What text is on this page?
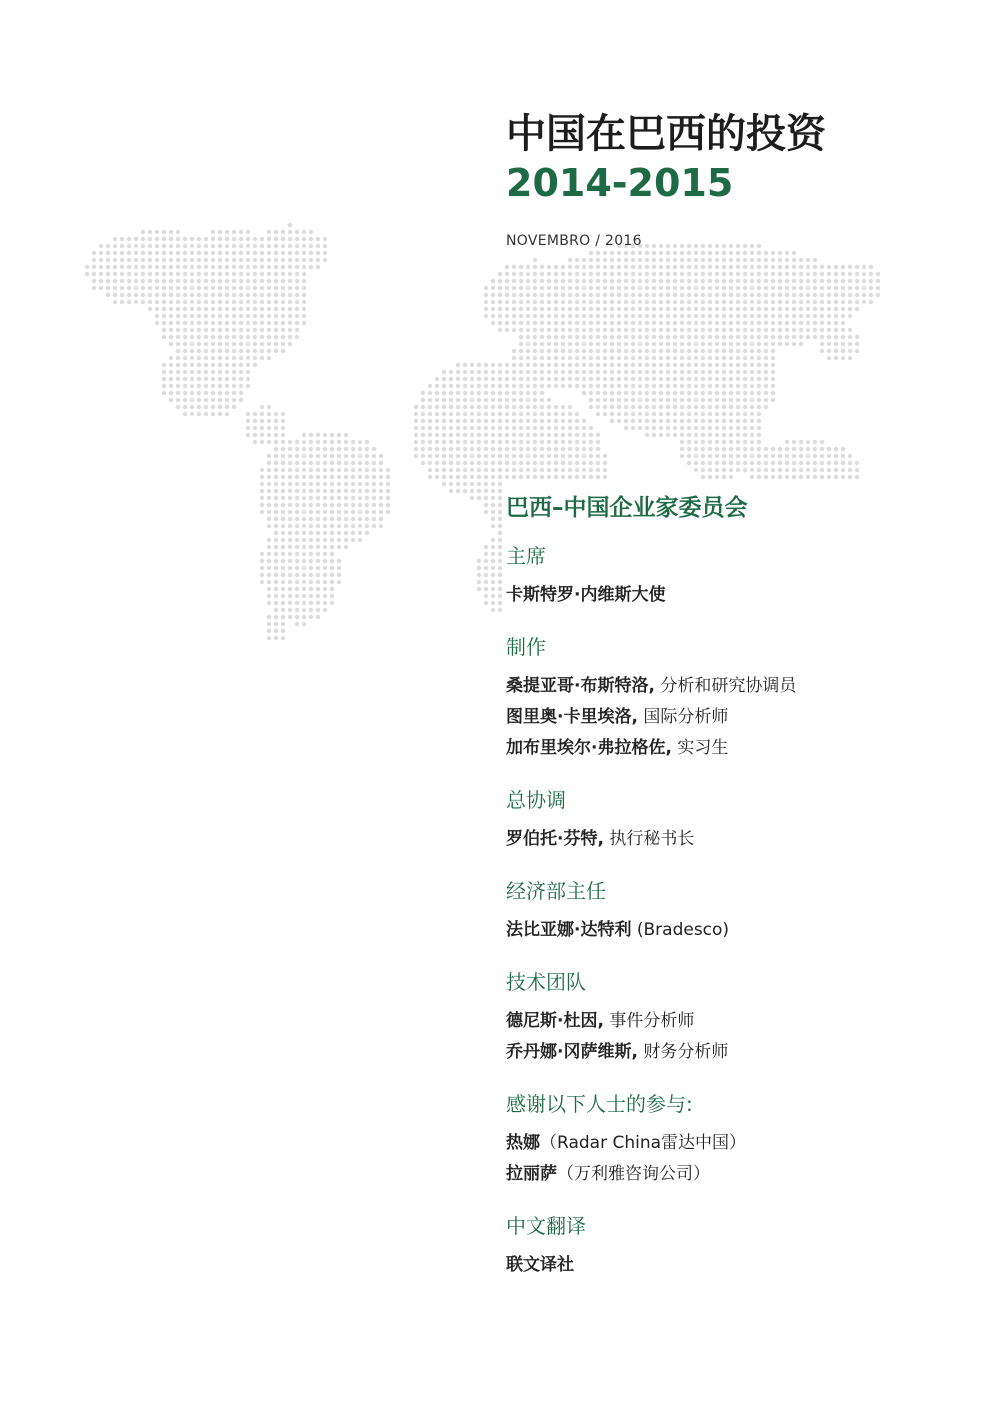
中国在巴西的投资
2014-2015
NOVEMBRO / 2016
巴西–中国企业家委员会
主席
卡斯特罗·内维斯大使
制作
桑提亚哥·布斯特洛, 分析和研究协调员
图里奥·卡里埃洛, 国际分析师
加布里埃尔·弗拉格佐, 实习生
总协调
罗伯托·芬特, 执行秘书长
经济部主任
法比亚娜·达特利 (Bradesco)
技术团队
德尼斯·杜因, 事件分析师
乔丹娜·冈萨维斯, 财务分析师
感谢以下人士的参与:
热娜（Radar China雷达中国）
拉丽萨（万利雅咨询公司）
中文翻译
联文译社
